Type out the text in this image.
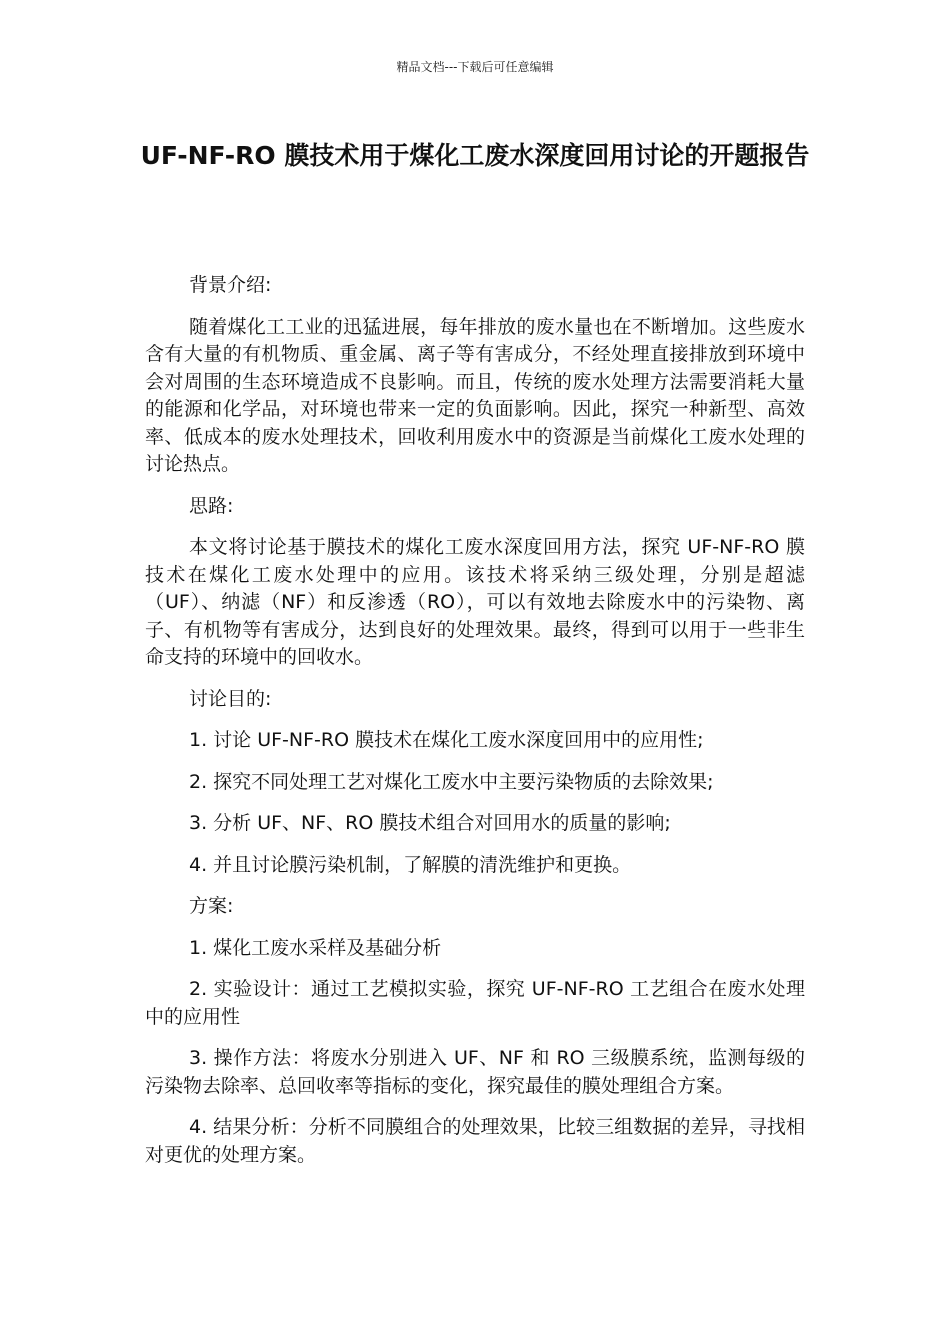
精品文档---下载后可任意编辑
UF-NF-RO 膜技术用于煤化工废水深度回用讨论的开题报告

背景介绍:

随着煤化工工业的迅猛进展，每年排放的废水量也在不断增加。这些废水含有大量的有机物质、重金属、离子等有害成分，不经处理直接排放到环境中会对周围的生态环境造成不良影响。而且，传统的废水处理方法需要消耗大量的能源和化学品，对环境也带来一定的负面影响。因此，探究一种新型、高效率、低成本的废水处理技术，回收利用废水中的资源是当前煤化工废水处理的讨论热点。

思路:

本文将讨论基于膜技术的煤化工废水深度回用方法，探究 UF-NF-RO 膜技术在煤化工废水处理中的应用。该技术将采纳三级处理，分别是超滤（UF）、纳滤（NF）和反渗透（RO），可以有效地去除废水中的污染物、离子、有机物等有害成分，达到良好的处理效果。最终，得到可以用于一些非生命支持的环境中的回收水。

讨论目的:

1. 讨论 UF-NF-RO 膜技术在煤化工废水深度回用中的应用性;

2. 探究不同处理工艺对煤化工废水中主要污染物质的去除效果;

3. 分析 UF、NF、RO 膜技术组合对回用水的质量的影响;

4. 并且讨论膜污染机制，了解膜的清洗维护和更换。

方案:

1. 煤化工废水采样及基础分析

2. 实验设计：通过工艺模拟实验，探究 UF-NF-RO 工艺组合在废水处理中的应用性

3. 操作方法：将废水分别进入 UF、NF 和 RO 三级膜系统，监测每级的污染物去除率、总回收率等指标的变化，探究最佳的膜处理组合方案。

4. 结果分析：分析不同膜组合的处理效果，比较三组数据的差异，寻找相对更优的处理方案。
